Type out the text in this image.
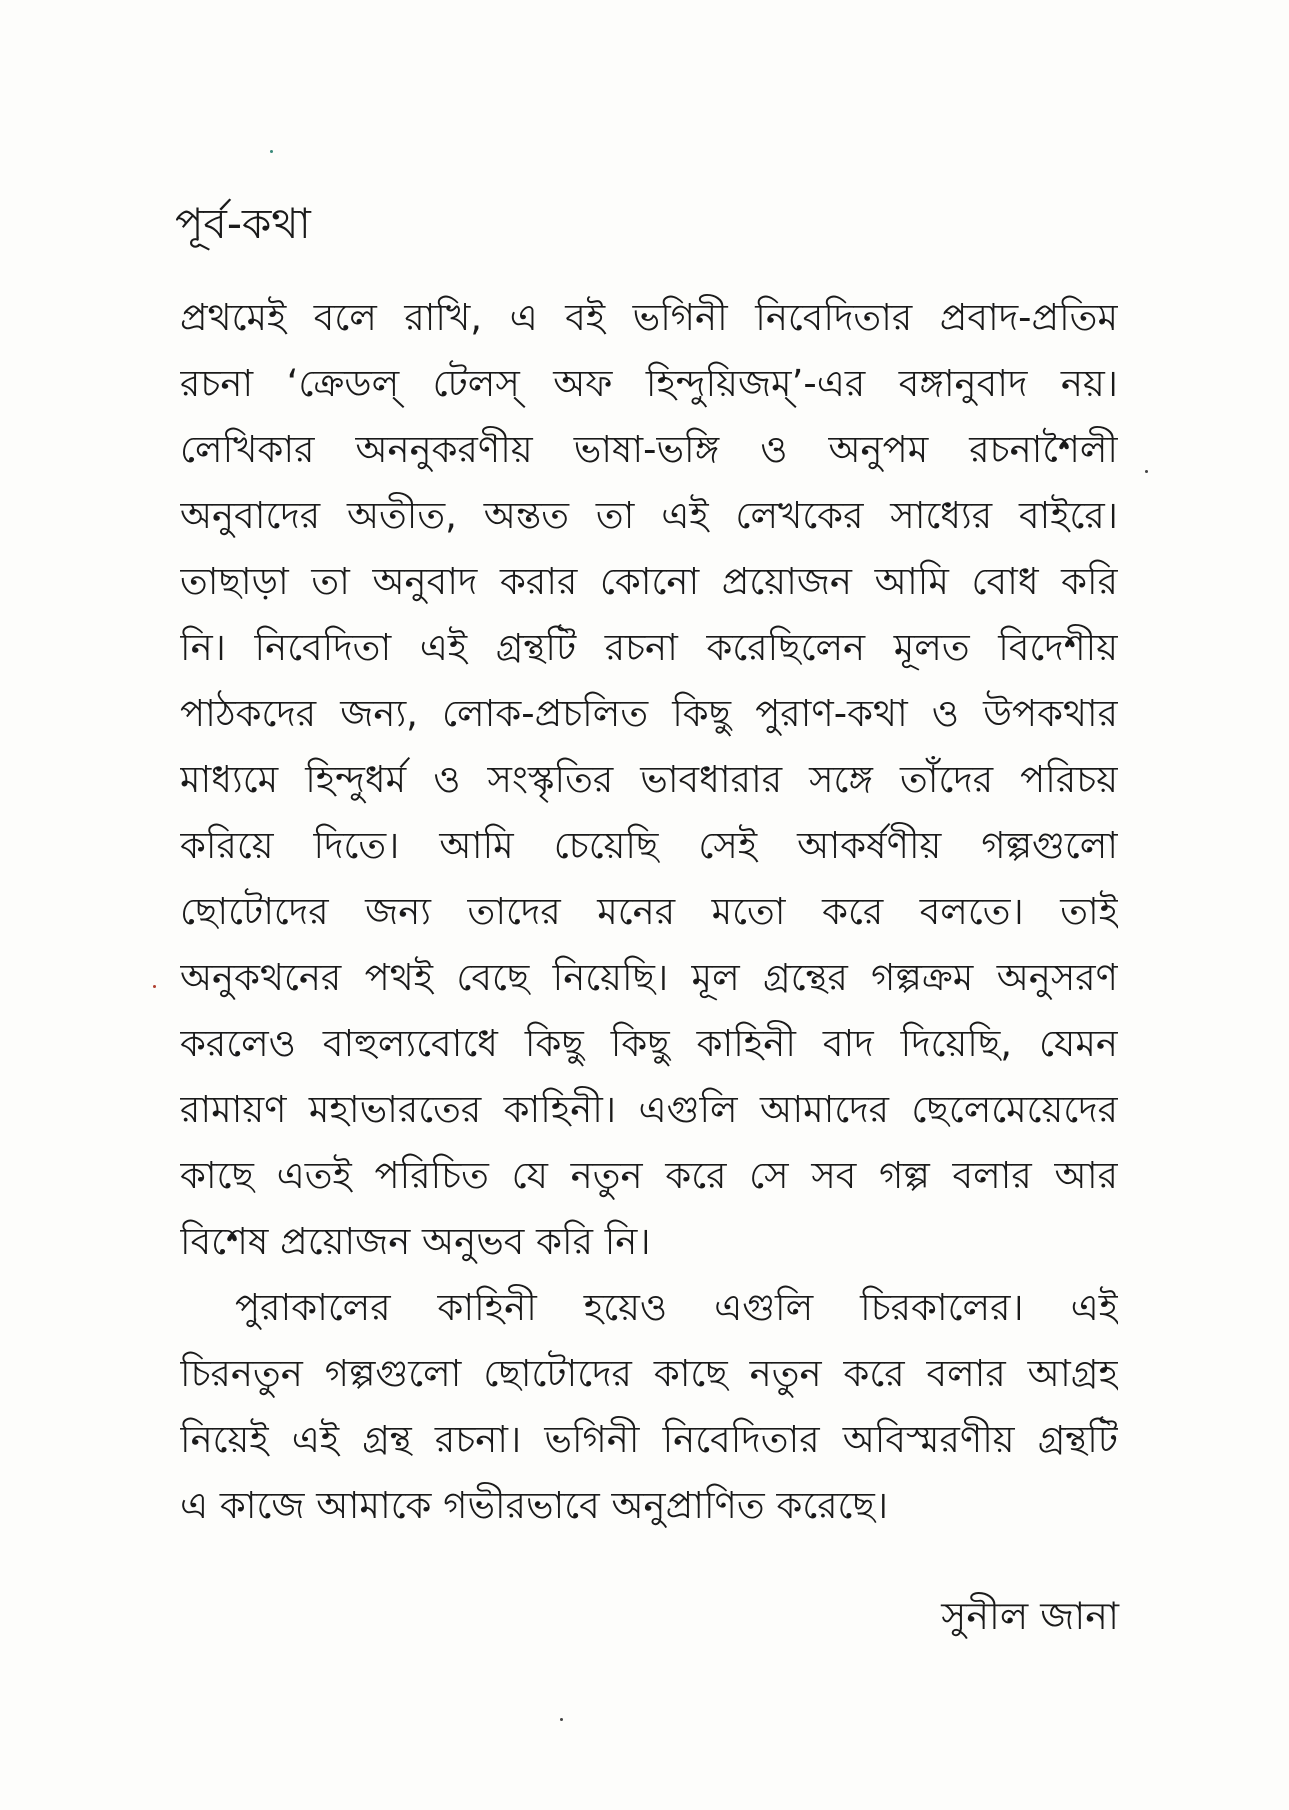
পূর্ব-কথা
প্রথমেই বলে রাখি, এ বই ভগিনী নিবেদিতার প্রবাদ-প্রতিম
রচনা ‘ক্রেডল্ টেলস্ অফ হিন্দুয়িজম্’-এর বঙ্গানুবাদ নয়।
লেখিকার অননুকরণীয় ভাষা-ভঙ্গি ও অনুপম রচনাশৈলী
অনুবাদের অতীত, অন্তত তা এই লেখকের সাধ্যের বাইরে।
তাছাড়া তা অনুবাদ করার কোনো প্রয়োজন আমি বোধ করি
নি। নিবেদিতা এই গ্রন্থটি রচনা করেছিলেন মূলত বিদেশীয়
পাঠকদের জন্য, লোক-প্রচলিত কিছু পুরাণ-কথা ও উপকথার
মাধ্যমে হিন্দুধর্ম ও সংস্কৃতির ভাবধারার সঙ্গে তাঁদের পরিচয়
করিয়ে দিতে। আমি চেয়েছি সেই আকর্ষণীয় গল্পগুলো
ছোটোদের জন্য তাদের মনের মতো করে বলতে। তাই
অনুকথনের পথই বেছে নিয়েছি। মূল গ্রন্থের গল্পক্রম অনুসরণ
করলেও বাহুল্যবোধে কিছু কিছু কাহিনী বাদ দিয়েছি, যেমন
রামায়ণ মহাভারতের কাহিনী। এগুলি আমাদের ছেলেমেয়েদের
কাছে এতই পরিচিত যে নতুন করে সে সব গল্প বলার আর
বিশেষ প্রয়োজন অনুভব করি নি।
পুরাকালের কাহিনী হয়েও এগুলি চিরকালের। এই
চিরনতুন গল্পগুলো ছোটোদের কাছে নতুন করে বলার আগ্রহ
নিয়েই এই গ্রন্থ রচনা। ভগিনী নিবেদিতার অবিস্মরণীয় গ্রন্থটি
এ কাজে আমাকে গভীরভাবে অনুপ্রাণিত করেছে।
সুনীল জানা
